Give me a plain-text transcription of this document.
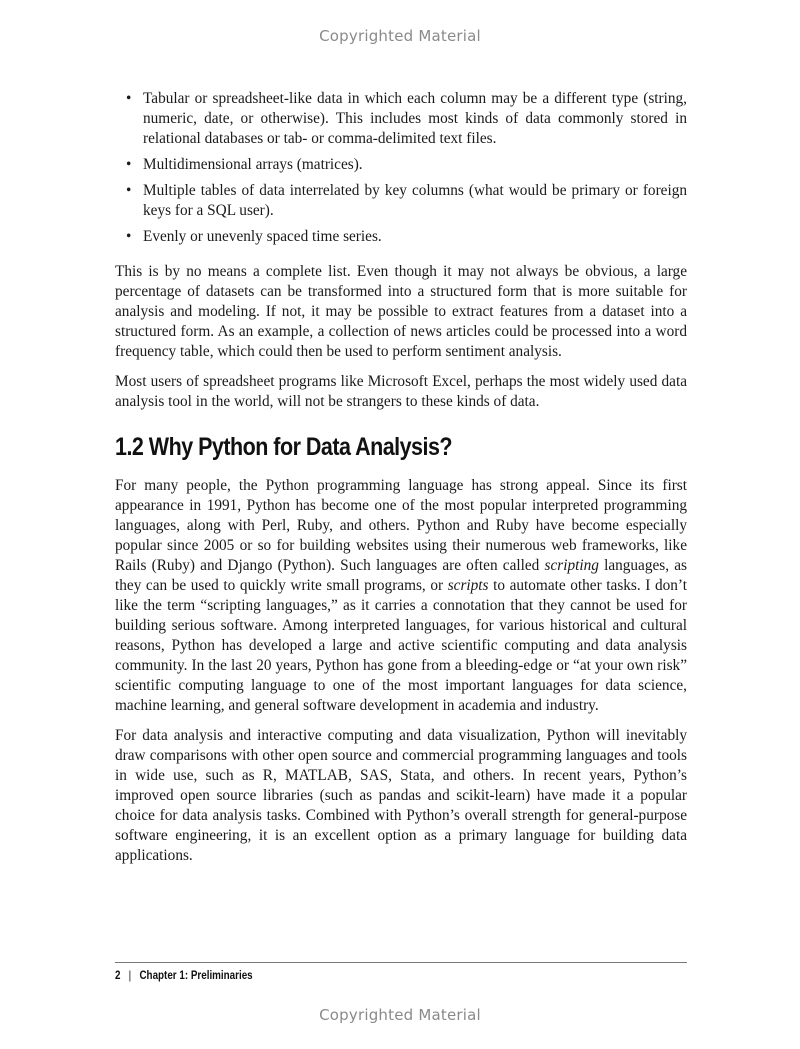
Copyrighted Material
• Tabular or spreadsheet-like data in which each column may be a different type (string, numeric, date, or otherwise). This includes most kinds of data commonly stored in relational databases or tab- or comma-delimited text files.
• Multidimensional arrays (matrices).
• Multiple tables of data interrelated by key columns (what would be primary or foreign keys for a SQL user).
• Evenly or unevenly spaced time series.

This is by no means a complete list. Even though it may not always be obvious, a large percentage of datasets can be transformed into a structured form that is more suitable for analysis and modeling. If not, it may be possible to extract features from a dataset into a structured form. As an example, a collection of news articles could be processed into a word frequency table, which could then be used to perform sentiment analysis.

Most users of spreadsheet programs like Microsoft Excel, perhaps the most widely used data analysis tool in the world, will not be strangers to these kinds of data.

1.2 Why Python for Data Analysis?

For many people, the Python programming language has strong appeal. Since its first appearance in 1991, Python has become one of the most popular interpreted programming languages, along with Perl, Ruby, and others. Python and Ruby have become especially popular since 2005 or so for building websites using their numerous web frameworks, like Rails (Ruby) and Django (Python). Such languages are often called scripting languages, as they can be used to quickly write small programs, or scripts to automate other tasks. I don’t like the term “scripting languages,” as it carries a connotation that they cannot be used for building serious software. Among interpreted languages, for various historical and cultural reasons, Python has developed a large and active scientific computing and data analysis community. In the last 20 years, Python has gone from a bleeding-edge or “at your own risk” scientific computing language to one of the most important languages for data science, machine learning, and general software development in academia and industry.

For data analysis and interactive computing and data visualization, Python will inevitably draw comparisons with other open source and commercial programming languages and tools in wide use, such as R, MATLAB, SAS, Stata, and others. In recent years, Python’s improved open source libraries (such as pandas and scikit-learn) have made it a popular choice for data analysis tasks. Combined with Python’s overall strength for general-purpose software engineering, it is an excellent option as a primary language for building data applications.

2 | Chapter 1: Preliminaries
Copyrighted Material
